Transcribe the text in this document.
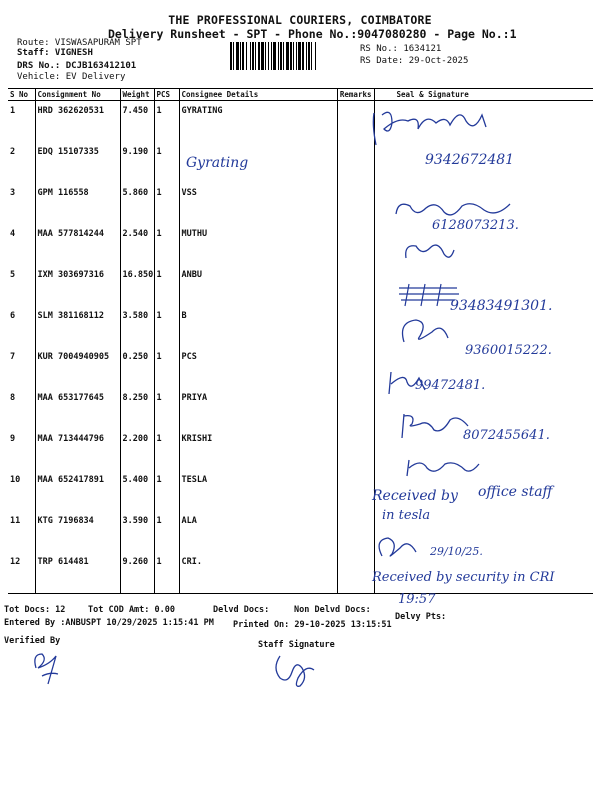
THE PROFESSIONAL COURIERS, COIMBATORE
Delivery Runsheet - SPT - Phone No.:9047080280 - Page No.:1
Route: VISWASAPURAM SPT
Staff: VIGNESH
DRS No.: DCJB163412101
Vehicle: EV Delivery
RS No.: 1634121
RS Date: 29-Oct-2025
S No	Consignment No	Weight	PCS	Consignee Details	Remarks	Seal & Signature
1	HRD 362620531	7.450	1	GYRATING		
2	EDQ 15107335	9.190	1			
3	GPM 116558	5.860	1	VSS		
4	MAA 577814244	2.540	1	MUTHU		
5	IXM 303697316	16.850	1	ANBU		
6	SLM 381168112	3.580	1	B		
7	KUR 7004940905	0.250	1	PCS		
8	MAA 653177645	8.250	1	PRIYA		
9	MAA 713444796	2.200	1	KRISHI		
10	MAA 652417891	5.400	1	TESLA		
11	KTG 7196834	3.590	1	ALA		
12	TRP 614481	9.260	1	CRI.		
9342672481
Gyrating
6128073213.
93483491301.
9360015222.
99472481.
8072455641.
Received by office staff
in tesla
29/10/25.
Received by security in CRI
19:57
Tot Docs: 12	Tot COD Amt: 0.00	Delvd Docs:	Non Delvd Docs:
Delvy Pts:
Entered By :ANBUSPT 10/29/2025 1:15:41 PM Printed On: 29-10-2025 13:15:51
Verified By	Staff Signature
